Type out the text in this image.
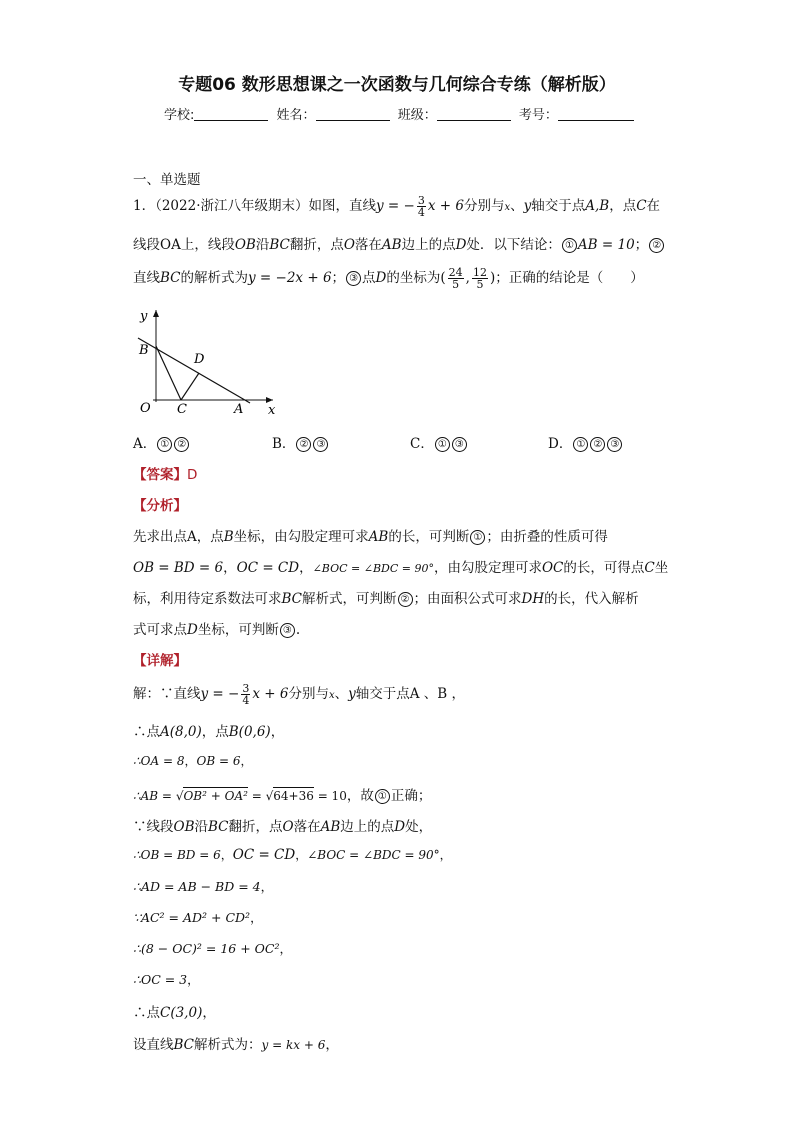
专题06 数形思想课之一次函数与几何综合专练（解析版）
学校:	姓名：	班级：	考号：
一、单选题
1．（2022·浙江八年级期末）如图，直线y = − $\frac{3}{4}$ x + 6分别与x、y轴交于点A,B，点C在
线段OA上，线段OB沿BC翻折，点O落在AB边上的点D处．以下结论： ① AB = 10； ②
直线BC的解析式为y = −2x + 6； ③ 点D的坐标为( $\frac{24}{5}$ , $\frac{12}{5}$ )；正确的结论是（　　）
y
x
O
B
C	A
D
A． ① ②	B． ② ③	C． ① ③	D． ① ② ③
【答案】D
【分析】
先求出点A，点B坐标，由勾股定理可求AB的长，可判断 ① ；由折叠的性质可得
OB = BD = 6，OC = CD，∠BOC = ∠BDC = 90°，由勾股定理可求OC的长，可得点C坐
标，利用待定系数法可求BC解析式，可判断 ② ；由面积公式可求DH的长，代入解析
式可求点D坐标，可判断 ③ .
【详解】
解：∵直线y = − $\frac{3}{4}$ x + 6分别与x、y轴交于点A 、B ，
∴点A(8,0)，点B(0,6)，
∴OA = 8，OB = 6，
∴AB = √OB² + OA² = √64+36 = 10，故 ① 正确；
∵线段OB沿BC翻折，点O落在AB边上的点D处，
∴OB = BD = 6，OC = CD，∠BOC = ∠BDC = 90°，
∴AD = AB − BD = 4，
∵AC² = AD² + CD²，
∴(8 − OC)² = 16 + OC²，
∴OC = 3，
∴点C(3,0)，
设直线BC解析式为：y = kx + 6，
